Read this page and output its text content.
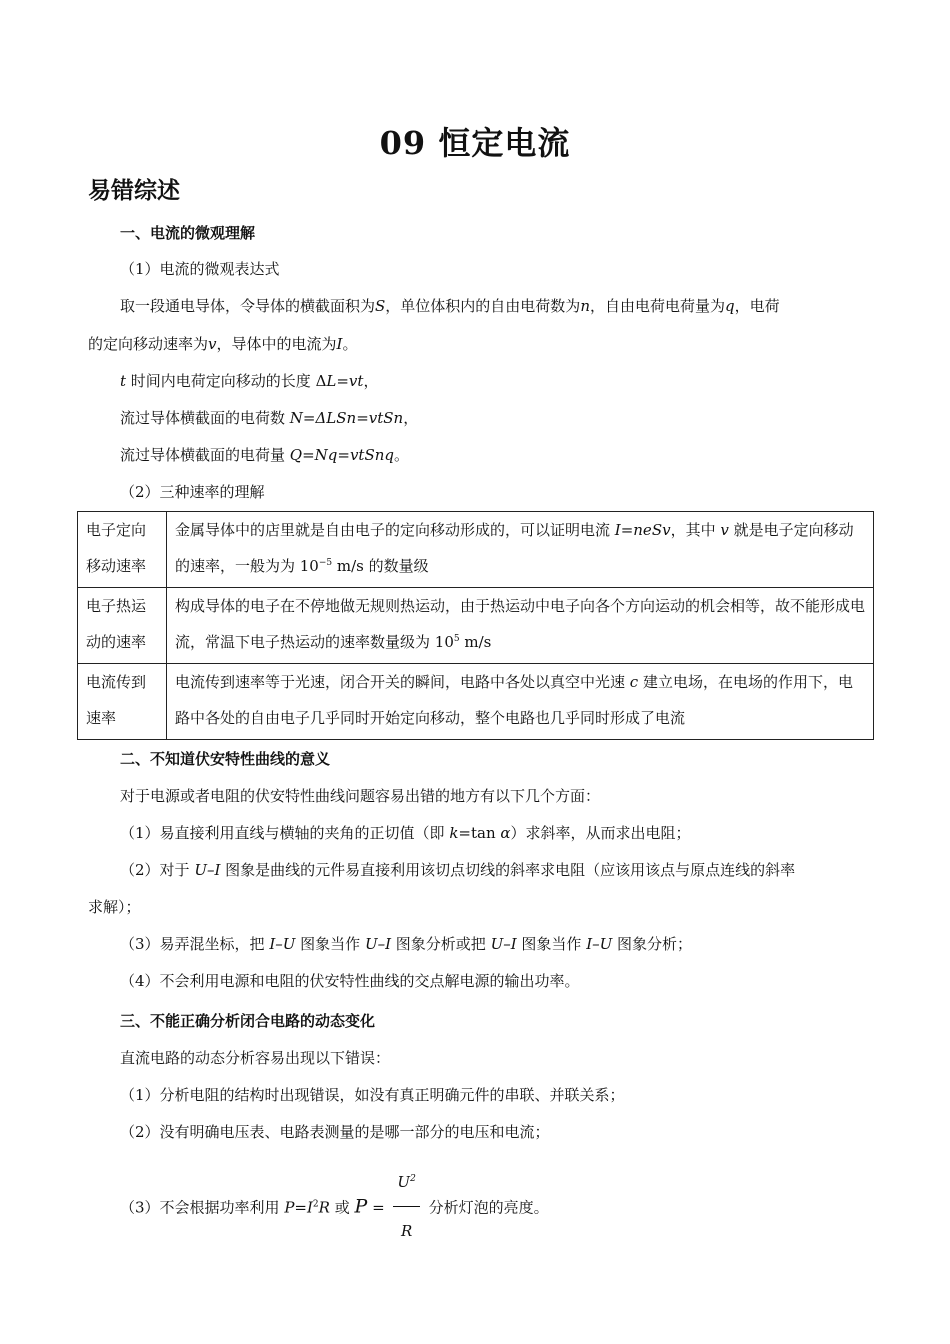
09 恒定电流
易错综述
一、电流的微观理解
（1）电流的微观表达式
取一段通电导体，令导体的横截面积为S，单位体积内的自由电荷数为n，自由电荷电荷量为q，电荷
的定向移动速率为v，导体中的电流为I。
t 时间内电荷定向移动的长度 ΔL=vt，
流过导体横截面的电荷数 N=ΔLSn=vtSn，
流过导体横截面的电荷量 Q=Nq=vtSnq。
（2）三种速率的理解
电子定向移动速率	金属导体中的店里就是自由电子的定向移动形成的，可以证明电流 I=neSv，其中 v 就是电子定向移动的速率，一般为为 $10^{-5}$ m/s 的数量级
电子热运动的速率	构成导体的电子在不停地做无规则热运动，由于热运动中电子向各个方向运动的机会相等，故不能形成电流，常温下电子热运动的速率数量级为 $10^5$ m/s
电流传到速率	电流传到速率等于光速，闭合开关的瞬间，电路中各处以真空中光速 c 建立电场，在电场的作用下，电路中各处的自由电子几乎同时开始定向移动，整个电路也几乎同时形成了电流
二、不知道伏安特性曲线的意义
对于电源或者电阻的伏安特性曲线问题容易出错的地方有以下几个方面：
（1）易直接利用直线与横轴的夹角的正切值（即 k=tan α）求斜率，从而求出电阻；
（2）对于 U–I 图象是曲线的元件易直接利用该切点切线的斜率求电阻（应该用该点与原点连线的斜率
求解）；
（3）易弄混坐标，把 I–U 图象当作 U–I 图象分析或把 U–I 图象当作 I–U 图象分析；
（4）不会利用电源和电阻的伏安特性曲线的交点解电源的输出功率。
三、不能正确分析闭合电路的动态变化
直流电路的动态分析容易出现以下错误：
（1）分析电阻的结构时出现错误，如没有真正明确元件的串联、并联关系；
（2）没有明确电压表、电路表测量的是哪一部分的电压和电流；
（3）不会根据功率利用 $P=I^2R$ 或 $P = \frac{U^2}{R}$ 分析灯泡的亮度。
